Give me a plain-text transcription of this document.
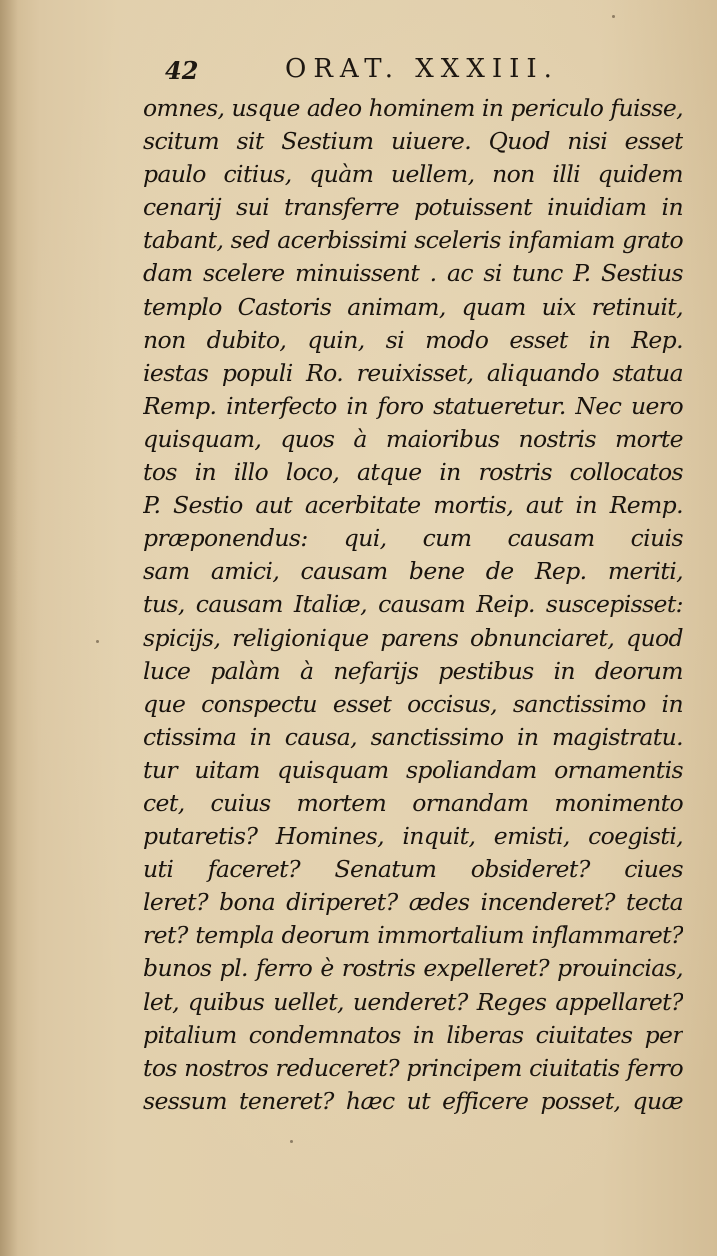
42	ORAT. XXXIII.
omnes, usque adeo hominem in periculo fuisse,
scitum sit Sestium uiuere. Quod nisi esset
paulo citius, quàm uellem, non illi quidem
cenarij sui transferre potuissent inuidiam in
tabant, sed acerbissimi sceleris infamiam grato
dam scelere minuissent . ac si tunc P. Sestius
templo Castoris animam, quam uix retinuit,
non dubito, quin, si modo esset in Rep.
iestas populi Ro. reuixisset, aliquando statua
Remp. interfecto in foro statueretur. Nec uero
quisquam, quos à maioribus nostris morte
tos in illo loco, atque in rostris collocatos
P. Sestio aut acerbitate mortis, aut in Remp.
præponendus: qui, cum causam ciuis
sam amici, causam bene de Rep. meriti,
tus, causam Italiæ, causam Reip. suscepisset:
spicijs, religionique parens obnunciaret, quod
luce palàm à nefarijs pestibus in deorum
que conspectu esset occisus, sanctissimo in
ctissima in causa, sanctissimo in magistratu.
tur uitam quisquam spoliandam ornamentis
cet, cuius mortem ornandam monimento
putaretis? Homines, inquit, emisti, coegisti,
uti faceret? Senatum obsideret? ciues
leret? bona diriperet? ædes incenderet? tecta
ret? templa deorum immortalium inflammaret?
bunos pl. ferro è rostris expelleret? prouincias,
let, quibus uellet, uenderet? Reges appellaret?
pitalium condemnatos in liberas ciuitates per
tos nostros reduceret? principem ciuitatis ferro
sessum teneret? hæc ut efficere posset, quæ
